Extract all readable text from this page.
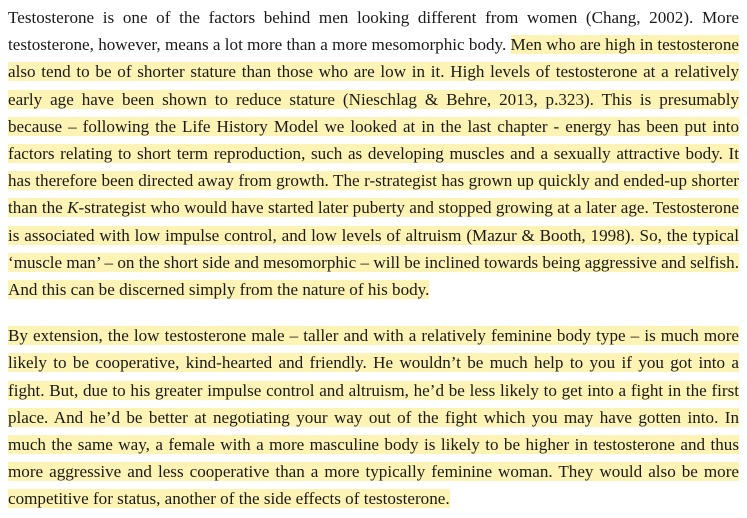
Testosterone is one of the factors behind men looking different from women (Chang, 2002). More testosterone, however, means a lot more than a more mesomorphic body. Men who are high in testosterone also tend to be of shorter stature than those who are low in it. High levels of testosterone at a relatively early age have been shown to reduce stature (Nieschlag & Behre, 2013, p.323). This is presumably because – following the Life History Model we looked at in the last chapter - energy has been put into factors relating to short term reproduction, such as developing muscles and a sexually attractive body. It has therefore been directed away from growth. The r-strategist has grown up quickly and ended-up shorter than the K-strategist who would have started later puberty and stopped growing at a later age. Testosterone is associated with low impulse control, and low levels of altruism (Mazur & Booth, 1998). So, the typical ‘muscle man’ – on the short side and mesomorphic – will be inclined towards being aggressive and selfish. And this can be discerned simply from the nature of his body.

By extension, the low testosterone male – taller and with a relatively feminine body type – is much more likely to be cooperative, kind-hearted and friendly. He wouldn’t be much help to you if you got into a fight. But, due to his greater impulse control and altruism, he’d be less likely to get into a fight in the first place. And he’d be better at negotiating your way out of the fight which you may have gotten into. In much the same way, a female with a more masculine body is likely to be higher in testosterone and thus more aggressive and less cooperative than a more typically feminine woman. They would also be more competitive for status, another of the side effects of testosterone.
